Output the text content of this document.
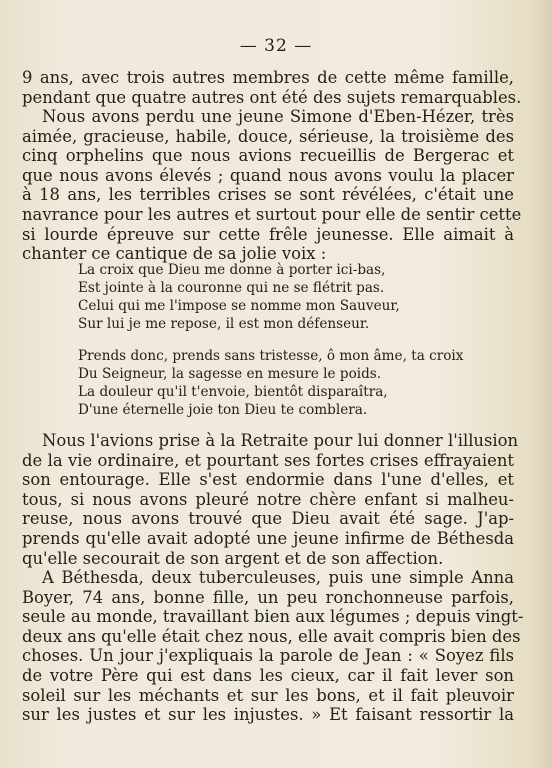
— 32 —
9 ans, avec trois autres membres de cette même famille,
pendant que quatre autres ont été des sujets remarquables.
Nous avons perdu une jeune Simone d'Eben-Hézer, très
aimée, gracieuse, habile, douce, sérieuse, la troisième des
cinq orphelins que nous avions recueillis de Bergerac et
que nous avons élevés ; quand nous avons voulu la placer
à 18 ans, les terribles crises se sont révélées, c'était une
navrance pour les autres et surtout pour elle de sentir cette
si lourde épreuve sur cette frêle jeunesse. Elle aimait à
chanter ce cantique de sa jolie voix :
La croix que Dieu me donne à porter ici-bas,
Est jointe à la couronne qui ne se flétrit pas.
Celui qui me l'impose se nomme mon Sauveur,
Sur lui je me repose, il est mon défenseur.
Prends donc, prends sans tristesse, ô mon âme, ta croix
Du Seigneur, la sagesse en mesure le poids.
La douleur qu'il t'envoie, bientôt disparaîtra,
D'une éternelle joie ton Dieu te comblera.
Nous l'avions prise à la Retraite pour lui donner l'illusion
de la vie ordinaire, et pourtant ses fortes crises effrayaient
son entourage. Elle s'est endormie dans l'une d'elles, et
tous, si nous avons pleuré notre chère enfant si malheu-
reuse, nous avons trouvé que Dieu avait été sage. J'ap-
prends qu'elle avait adopté une jeune infirme de Béthesda
qu'elle secourait de son argent et de son affection.
A Béthesda, deux tuberculeuses, puis une simple Anna
Boyer, 74 ans, bonne fille, un peu ronchonneuse parfois,
seule au monde, travaillant bien aux légumes ; depuis vingt-
deux ans qu'elle était chez nous, elle avait compris bien des
choses. Un jour j'expliquais la parole de Jean : « Soyez fils
de votre Père qui est dans les cieux, car il fait lever son
soleil sur les méchants et sur les bons, et il fait pleuvoir
sur les justes et sur les injustes. » Et faisant ressortir la
